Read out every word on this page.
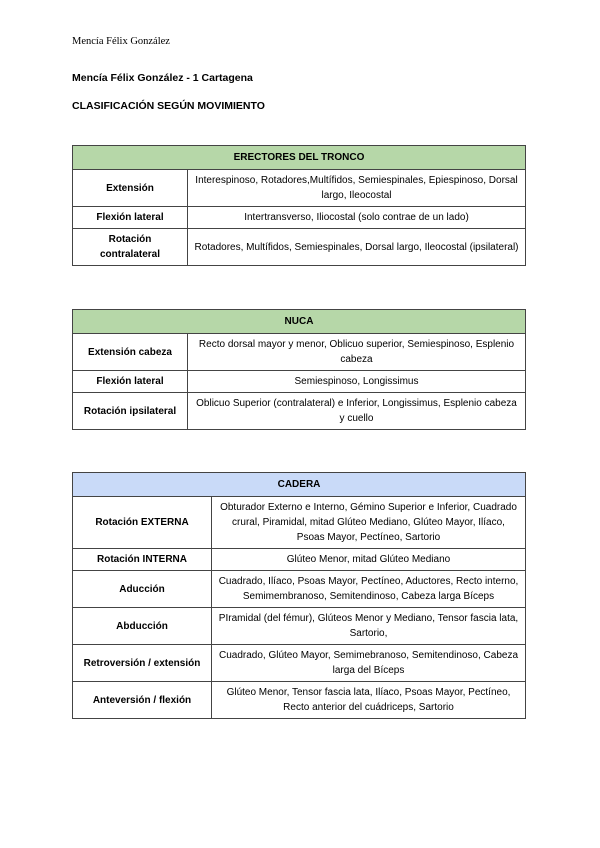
Mencía Félix González
Mencía Félix González - 1 Cartagena
CLASIFICACIÓN SEGÚN MOVIMIENTO
ERECTORES DEL TRONCO	
Extensión	Interespinoso, Rotadores,Multífidos, Semiespinales, Epiespinoso, Dorsal largo, Ileocostal
Flexión lateral	Intertransverso, Iliocostal (solo contrae de un lado)
Rotación contralateral	Rotadores, Multífidos, Semiespinales, Dorsal largo, Ileocostal (ipsilateral)
NUCA	
Extensión cabeza	Recto dorsal mayor y menor, Oblicuo superior, Semiespinoso, Esplenio cabeza
Flexión lateral	Semiespinoso, Longissimus
Rotación ipsilateral	Oblicuo Superior (contralateral) e Inferior, Longissimus, Esplenio cabeza y cuello
CADERA	
Rotación EXTERNA	Obturador Externo e Interno, Gémino Superior e Inferior, Cuadrado crural, Piramidal, mitad Glúteo Mediano, Glúteo Mayor, Ilíaco, Psoas Mayor, Pectíneo, Sartorio
Rotación INTERNA	Glúteo Menor, mitad Glúteo Mediano
Aducción	Cuadrado, Ilíaco, Psoas Mayor, Pectíneo, Aductores, Recto interno, Semimembranoso, Semitendinoso, Cabeza larga Bíceps
Abducción	PIramidal (del fémur), Glúteos Menor y Mediano, Tensor fascia lata, Sartorio,
Retroversión / extensión	Cuadrado, Glúteo Mayor, Semimebranoso, Semitendinoso, Cabeza larga del Bíceps
Anteversión / flexión	Glúteo Menor, Tensor fascia lata, Ilíaco, Psoas Mayor, Pectíneo, Recto anterior del cuádriceps, Sartorio
